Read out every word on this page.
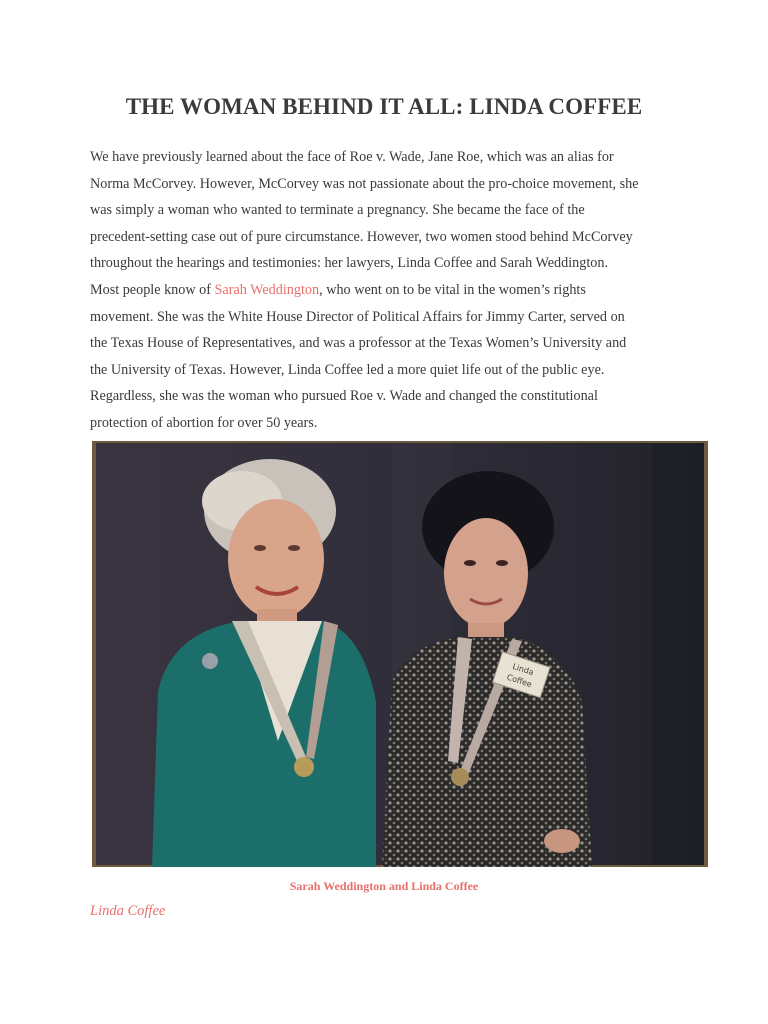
THE WOMAN BEHIND IT ALL: LINDA COFFEE
We have previously learned about the face of Roe v. Wade, Jane Roe, which was an alias for
Norma McCorvey. However, McCorvey was not passionate about the pro-choice movement, she
was simply a woman who wanted to terminate a pregnancy. She became the face of the
precedent-setting case out of pure circumstance. However, two women stood behind McCorvey
throughout the hearings and testimonies: her lawyers, Linda Coffee and Sarah Weddington.
Most people know of Sarah Weddington, who went on to be vital in the women’s rights
movement. She was the White House Director of Political Affairs for Jimmy Carter, served on
the Texas House of Representatives, and was a professor at the Texas Women’s University and
the University of Texas. However, Linda Coffee led a more quiet life out of the public eye.
Regardless, she was the woman who pursued Roe v. Wade and changed the constitutional
protection of abortion for over 50 years.
Linda
Coffee

Sarah Weddington and Linda Coffee

Linda Coffee
